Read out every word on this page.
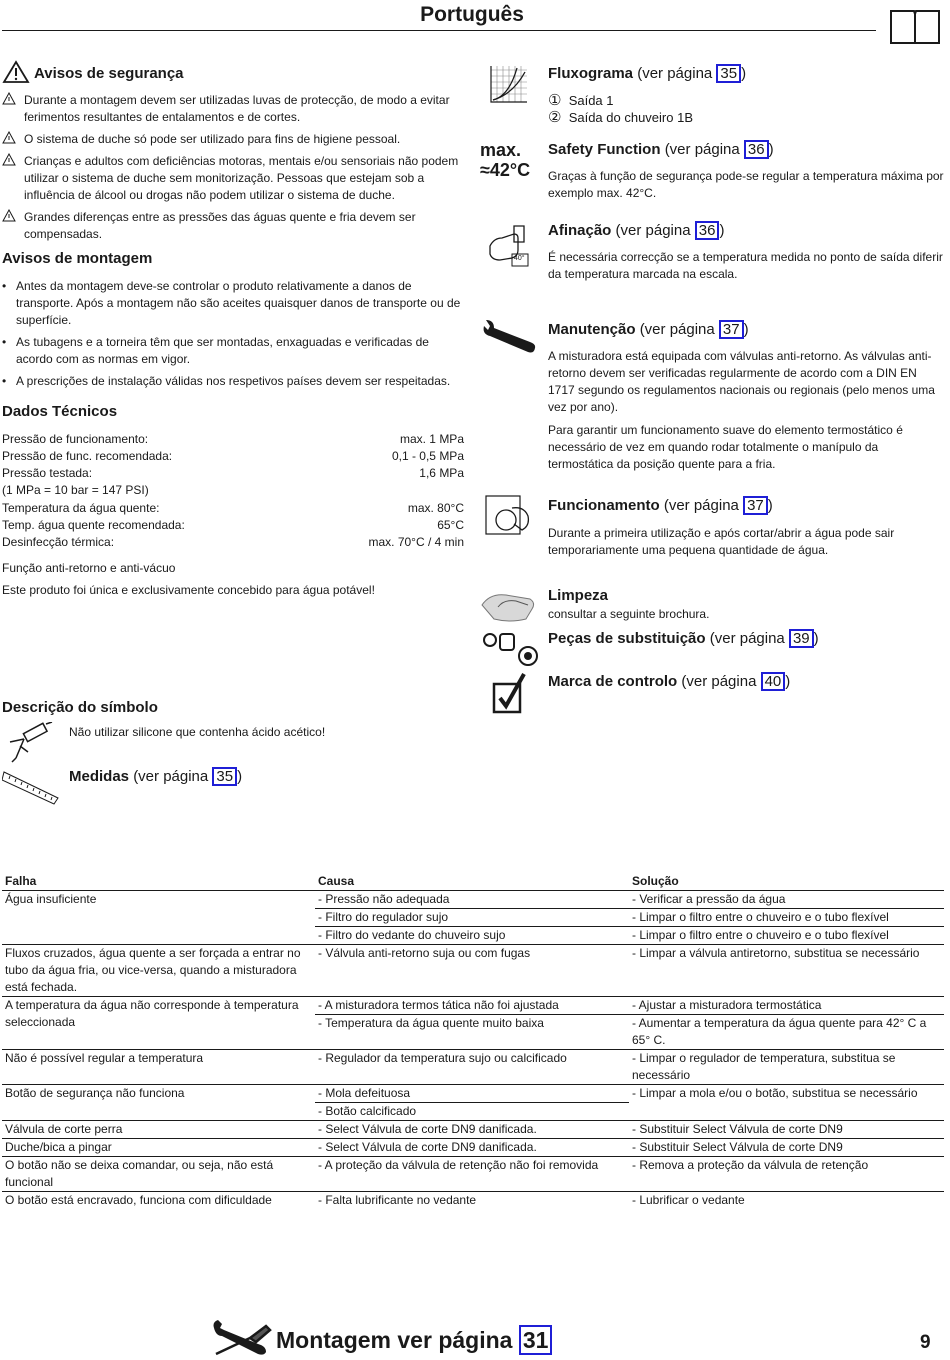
Português
Avisos de segurança
Durante a montagem devem ser utilizadas luvas de protecção, de modo a evitar ferimentos resultantes de entalamentos e de cortes.
O sistema de duche só pode ser utilizado para fins de higiene pessoal.
Crianças e adultos com deficiências motoras, mentais e/ou sensoriais não podem utilizar o sistema de duche sem monitorização. Pessoas que estejam sob a influência de álcool ou drogas não podem utilizar o sistema de duche.
Grandes diferenças entre as pressões das águas quente e fria devem ser compensadas.
Avisos de montagem
• Antes da montagem deve-se controlar o produto relativamente a danos de transporte. Após a montagem não são aceites quaisquer danos de transporte ou de superfície.
• As tubagens e a torneira têm que ser montadas, enxaguadas e verificadas de acordo com as normas em vigor.
• A prescrições de instalação válidas nos respetivos países devem ser respeitadas.
Dados Técnicos
Pressão de funcionamento:	max. 1 MPa
Pressão de func. recomendada:	0,1 - 0,5 MPa
Pressão testada:	1,6 MPa
(1 MPa = 10 bar = 147 PSI)
Temperatura da água quente:	max. 80°C
Temp. água quente recomendada:	65°C
Desinfecção térmica:	max. 70°C / 4 min
Função anti-retorno e anti-vácuo
Este produto foi única e exclusivamente concebido para água potável!
Descrição do símbolo
Não utilizar silicone que contenha ácido acético!
Medidas (ver página 35 )
Fluxograma (ver página 35 )
① Saída 1
② Saída do chuveiro 1B
max.
≈42°C
Safety Function (ver página 36 )
Graças à função de segurança pode-se regular a temperatura máxima por exemplo max. 42°C.
40°
Afinação (ver página 36 )
É necessária correcção se a temperatura medida no ponto de saída diferir da temperatura marcada na escala.
Manutenção (ver página 37 )
A misturadora está equipada com válvulas anti-retorno. As válvulas anti-retorno devem ser verificadas regularmente de acordo com a DIN EN 1717 segundo os regulamentos nacionais ou regionais (pelo menos uma vez por ano).
Para garantir um funcionamento suave do elemento termostático é necessário de vez em quando rodar totalmente o manípulo da termostática da posição quente para a fria.
Funcionamento (ver página 37 )
Durante a primeira utilização e após cortar/abrir a água pode sair temporariamente uma pequena quantidade de água.
Limpeza
consultar a seguinte brochura.
Peças de substituição (ver página 39 )
Marca de controlo (ver página 40 )
Falha	Causa	Solução
Água insuficiente	- Pressão não adequada	- Verificar a pressão da água
	- Filtro do regulador sujo	- Limpar o filtro entre o chuveiro e o tubo flexível
	- Filtro do vedante do chuveiro sujo	- Limpar o filtro entre o chuveiro e o tubo flexível
Fluxos cruzados, água quente a ser forçada a entrar no tubo da água fria, ou vice-versa, quando a misturadora está fechada.	- Válvula anti-retorno suja ou com fugas	- Limpar a válvula antiretorno, substitua se necessário
A temperatura da água não corresponde à temperatura seleccionada	- A misturadora termos tática não foi ajustada	- Ajustar a misturadora termostática
	- Temperatura da água quente muito baixa	- Aumentar a temperatura da água quente para 42° C a 65° C.
Não é possível regular a temperatura	- Regulador da temperatura sujo ou calcificado	- Limpar o regulador de temperatura, substitua se necessário
Botão de segurança não funciona	- Mola defeituosa	- Limpar a mola e/ou o botão, substitua se necessário
	- Botão calcificado	
Válvula de corte perra	- Select Válvula de corte DN9 danificada.	- Substituir Select Válvula de corte DN9
Duche/bica a pingar	- Select Válvula de corte DN9 danificada.	- Substituir Select Válvula de corte DN9
O botão não se deixa comandar, ou seja, não está funcional	- A proteção da válvula de retenção não foi removida	- Remova a proteção da válvula de retenção
O botão está encravado, funciona com dificuldade	- Falta lubrificante no vedante	- Lubrificar o vedante
Montagem ver página 31	9
